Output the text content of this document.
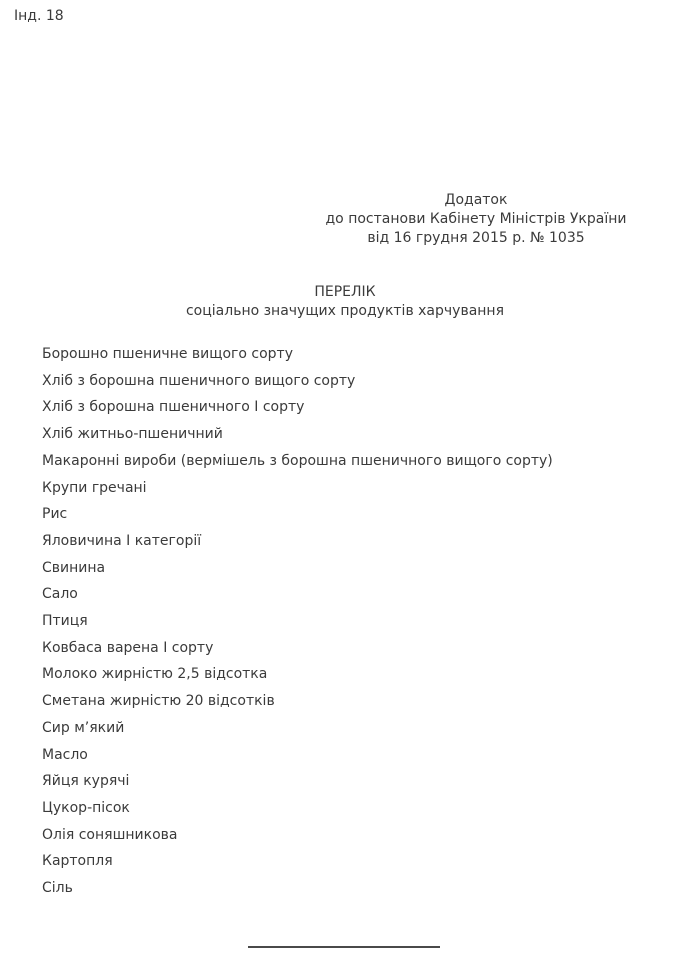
Інд. 18
Додаток
до постанови Кабінету Міністрів України
від 16 грудня 2015 р. № 1035
ПЕРЕЛІК
соціально значущих продуктів харчування
Борошно пшеничне вищого сорту
Хліб з борошна пшеничного вищого сорту
Хліб з борошна пшеничного І сорту
Хліб житньо-пшеничний
Макаронні вироби (вермішель з борошна пшеничного вищого сорту)
Крупи гречані
Рис
Яловичина І категорії
Свинина
Сало
Птиця
Ковбаса варена І сорту
Молоко жирністю 2,5 відсотка
Сметана жирністю 20 відсотків
Сир м’який
Масло
Яйця курячі
Цукор-пісок
Олія соняшникова
Картопля
Сіль
